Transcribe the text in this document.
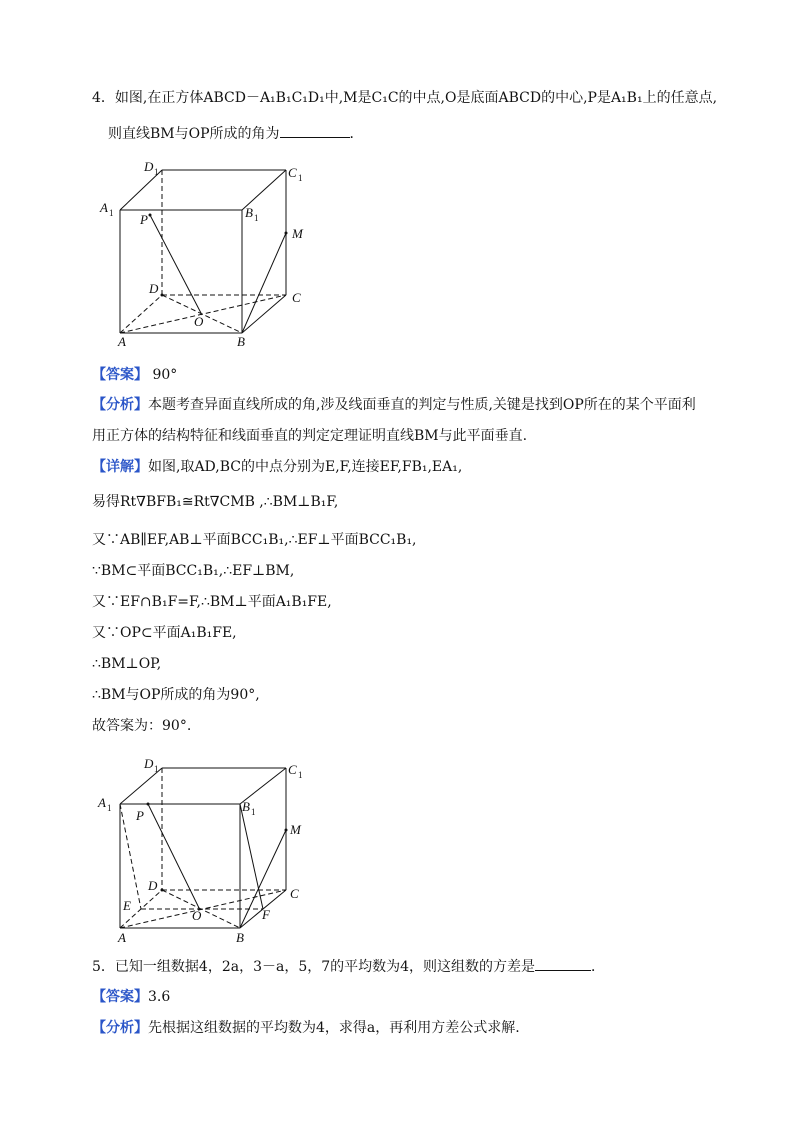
4．如图,在正方体ABCD－A₁B₁C₁D₁中,M是C₁C的中点,O是底面ABCD的中心,P是A₁B₁上的任意点,
则直线BM与OP所成的角为	．
D 1	C 1
A 1	B 1
P
M
D
C
O
A	B
【答案】 90°
【分析】本题考查异面直线所成的角,涉及线面垂直的判定与性质,关键是找到OP所在的某个平面利
用正方体的结构特征和线面垂直的判定定理证明直线BM与此平面垂直.
【详解】如图,取AD,BC的中点分别为E,F,连接EF,FB₁,EA₁,
易得Rt∇BFB₁≅Rt∇CMB ,∴BM⊥B₁F,
又∵AB∥EF,AB⊥平面BCC₁B₁,∴EF⊥平面BCC₁B₁,
∵BM⊂平面BCC₁B₁,∴EF⊥BM,
又∵EF∩B₁F=F,∴BM⊥平面A₁B₁FE,
又∵OP⊂平面A₁B₁FE,
∴BM⊥OP,
∴BM与OP所成的角为90°,
故答案为：90°.
D 1	C 1
A 1	B 1
P
M
D
C
E
O	F
A	B
5．已知一组数据4，2a，3－a，5，7的平均数为4，则这组数的方差是	．
【答案】3.6
【分析】先根据这组数据的平均数为4，求得a，再利用方差公式求解.
